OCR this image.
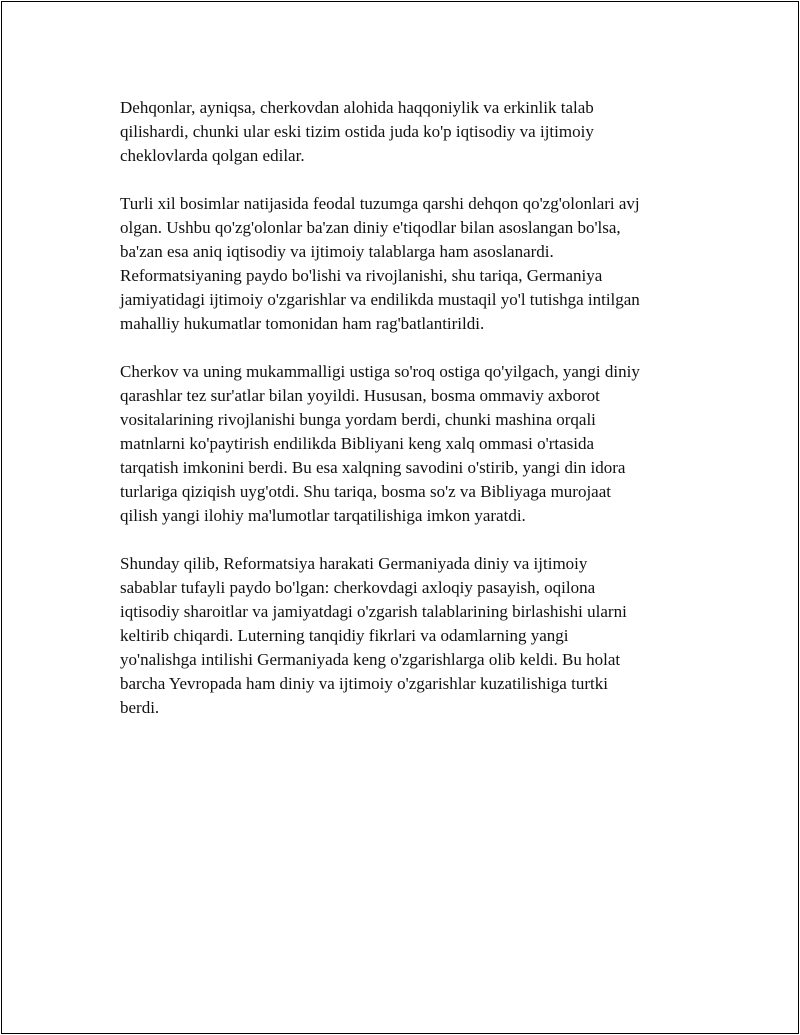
Dehqonlar, ayniqsa, cherkovdan alohida haqqoniylik va erkinlik talab
qilishardi, chunki ular eski tizim ostida juda ko'p iqtisodiy va ijtimoiy
cheklovlarda qolgan edilar.

Turli xil bosimlar natijasida feodal tuzumga qarshi dehqon qo'zg'olonlari avj
olgan. Ushbu qo'zg'olonlar ba'zan diniy e'tiqodlar bilan asoslangan bo'lsa,
ba'zan esa aniq iqtisodiy va ijtimoiy talablarga ham asoslanardi.
Reformatsiyaning paydo bo'lishi va rivojlanishi, shu tariqa, Germaniya
jamiyatidagi ijtimoiy o'zgarishlar va endilikda mustaqil yo'l tutishga intilgan
mahalliy hukumatlar tomonidan ham rag'batlantirildi.

Cherkov va uning mukammalligi ustiga so'roq ostiga qo'yilgach, yangi diniy
qarashlar tez sur'atlar bilan yoyildi. Hususan, bosma ommaviy axborot
vositalarining rivojlanishi bunga yordam berdi, chunki mashina orqali
matnlarni ko'paytirish endilikda Bibliyani keng xalq ommasi o'rtasida
tarqatish imkonini berdi. Bu esa xalqning savodini o'stirib, yangi din idora
turlariga qiziqish uyg'otdi. Shu tariqa, bosma so'z va Bibliyaga murojaat
qilish yangi ilohiy ma'lumotlar tarqatilishiga imkon yaratdi.

Shunday qilib, Reformatsiya harakati Germaniyada diniy va ijtimoiy
sabablar tufayli paydo bo'lgan: cherkovdagi axloqiy pasayish, oqilona
iqtisodiy sharoitlar va jamiyatdagi o'zgarish talablarining birlashishi ularni
keltirib chiqardi. Luterning tanqidiy fikrlari va odamlarning yangi
yo'nalishga intilishi Germaniyada keng o'zgarishlarga olib keldi. Bu holat
barcha Yevropada ham diniy va ijtimoiy o'zgarishlar kuzatilishiga turtki
berdi.
